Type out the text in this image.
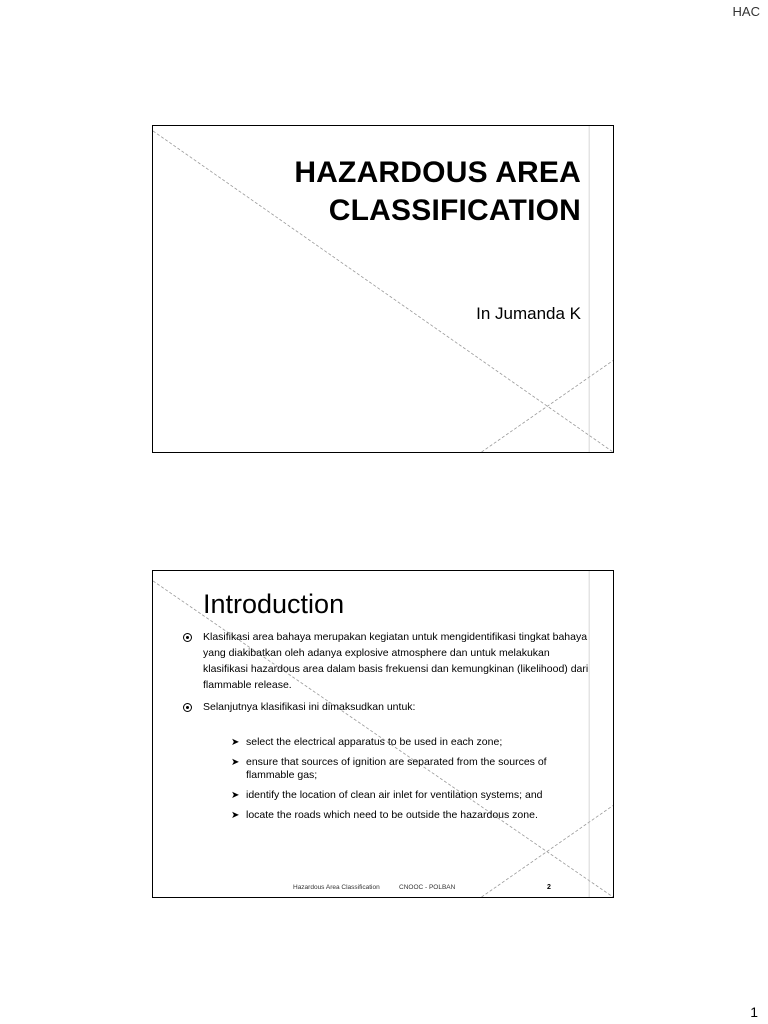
HAC
HAZARDOUS AREA
CLASSIFICATION
In Jumanda K
Introduction
Klasifikasi area bahaya merupakan kegiatan untuk mengidentifikasi tingkat bahaya yang diakibatkan oleh adanya explosive atmosphere dan untuk melakukan klasifikasi hazardous area dalam basis frekuensi dan kemungkinan (likelihood) dari flammable release.
Selanjutnya klasifikasi ini dimaksudkan untuk:
➤ select the electrical apparatus to be used in each zone;
➤ ensure that sources of ignition are separated from the sources of flammable gas;
➤ identify the location of clean air inlet for ventilation systems; and
➤ locate the roads which need to be outside the hazardous zone.
Hazardous Area Classification	CNOOC - POLBAN	2
1
